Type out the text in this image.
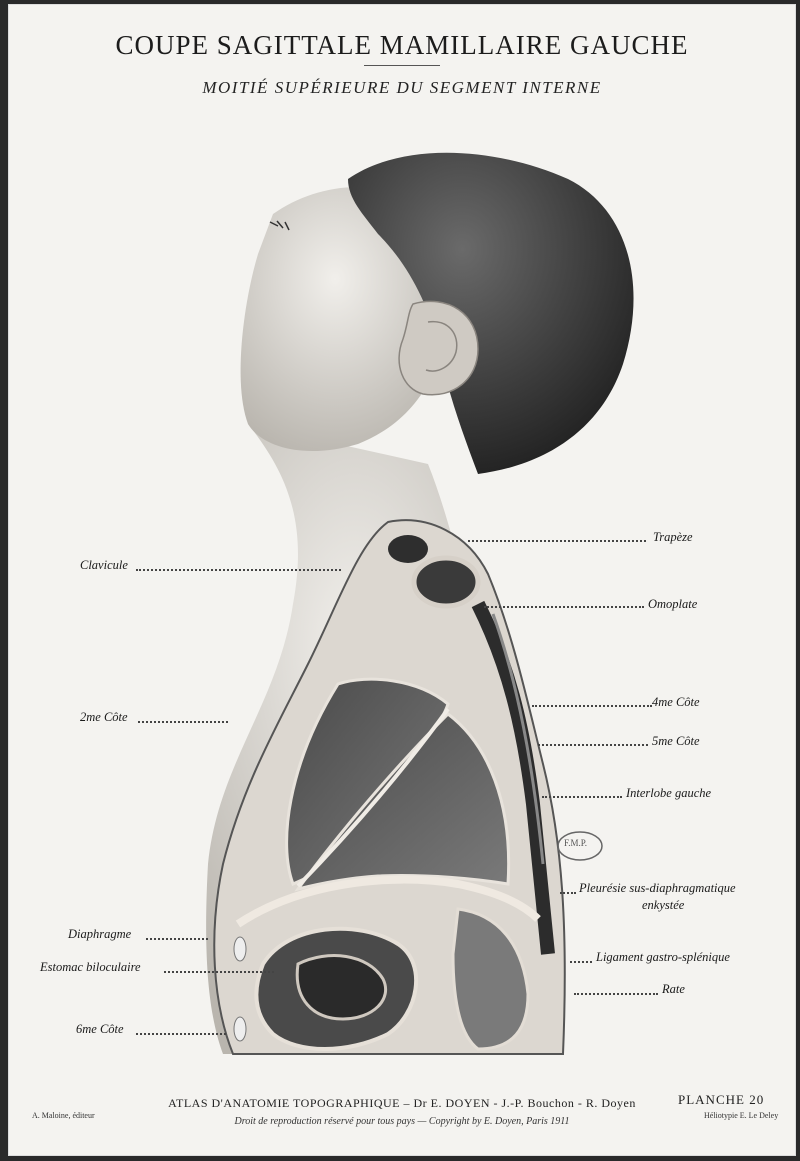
COUPE SAGITTALE MAMILLAIRE GAUCHE
MOITIÉ SUPÉRIEURE DU SEGMENT INTERNE
F.M.P.
Clavicule
2me Côte
Diaphragme
Estomac biloculaire
6me Côte
Trapèze
Omoplate
4me Côte
5me Côte
Interlobe gauche
Pleurésie sus-diaphragmatique
enkystée
Ligament gastro-splénique
Rate
ATLAS D'ANATOMIE TOPOGRAPHIQUE – Dr E. DOYEN - J.-P. Bouchon - R. Doyen	PLANCHE 20
Droit de reproduction réservé pour tous pays — Copyright by E. Doyen, Paris 1911
A. Maloine, éditeur	Héliotypie E. Le Deley
